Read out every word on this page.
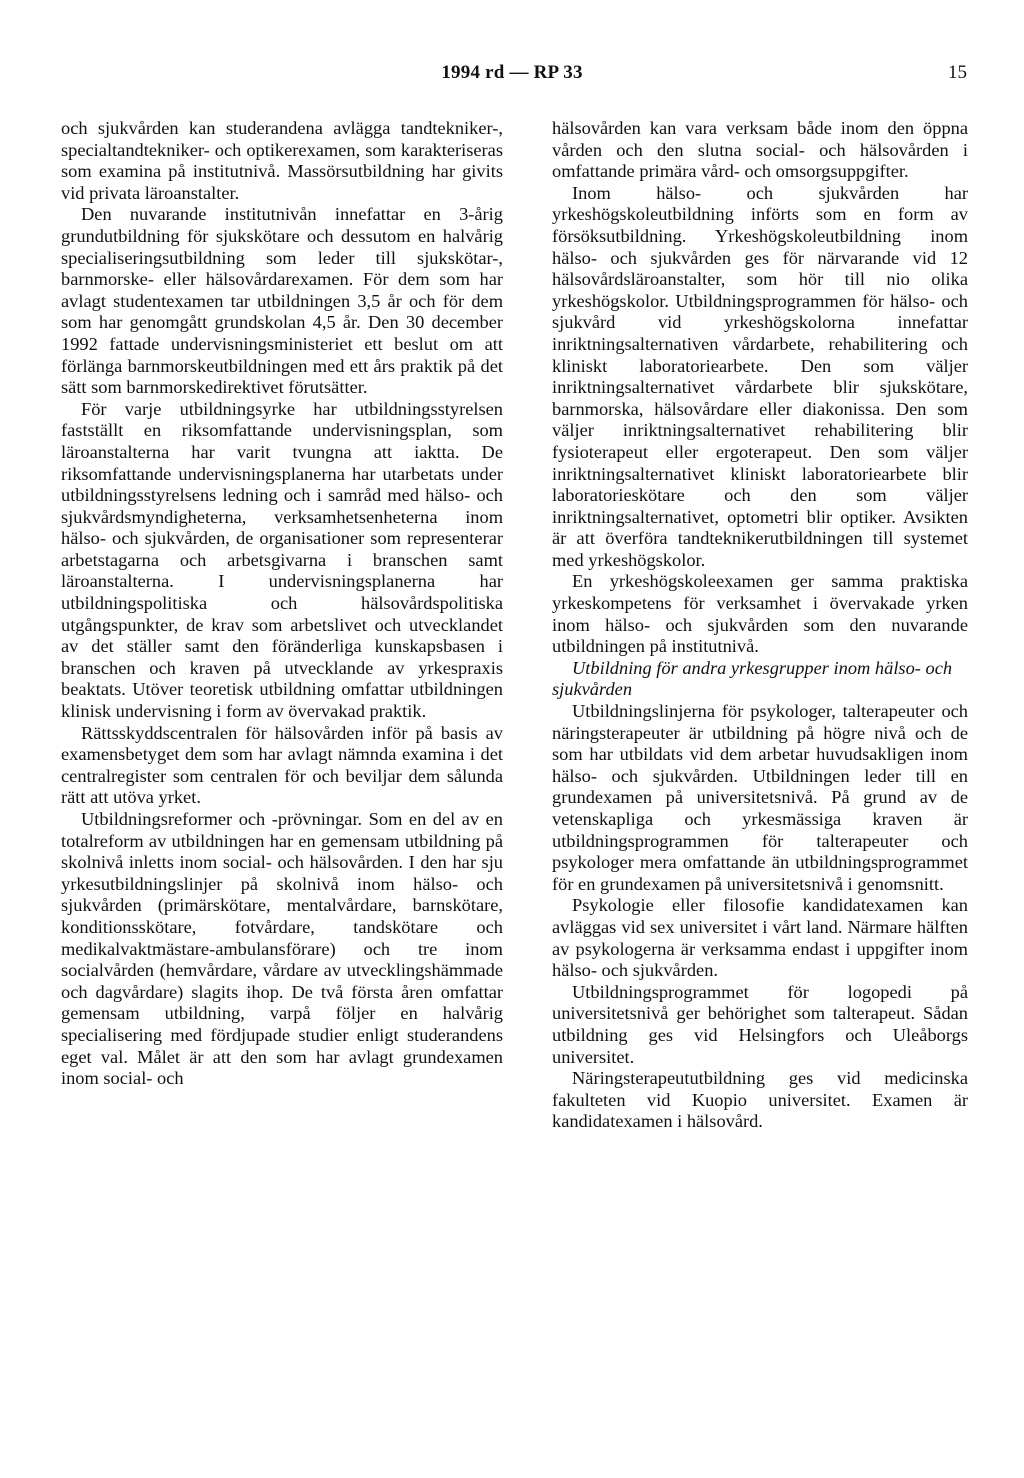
1994 rd — RP 33	15

och sjukvården kan studerandena avlägga tandtekniker-, specialtandtekniker- och optikerexamen, som karakteriseras som examina på institutnivå. Massörsutbildning har givits vid privata läroanstalter.

Den nuvarande institutnivån innefattar en 3-årig grundutbildning för sjukskötare och dessutom en halvårig specialiseringsutbildning som leder till sjukskötar-, barnmorske- eller hälsovårdarexamen. För dem som har avlagt studentexamen tar utbildningen 3,5 år och för dem som har genomgått grundskolan 4,5 år. Den 30 december 1992 fattade undervisningsministeriet ett beslut om att förlänga barnmorskeutbildningen med ett års praktik på det sätt som barnmorskedirektivet förutsätter.

För varje utbildningsyrke har utbildningsstyrelsen fastställt en riksomfattande undervisningsplan, som läroanstalterna har varit tvungna att iaktta. De riksomfattande undervisningsplanerna har utarbetats under utbildningsstyrelsens ledning och i samråd med hälso- och sjukvårdsmyndigheterna, verksamhetsenheterna inom hälso- och sjukvården, de organisationer som representerar arbetstagarna och arbetsgivarna i branschen samt läroanstalterna. I undervisningsplanerna har utbildningspolitiska och hälsovårdspolitiska utgångspunkter, de krav som arbetslivet och utvecklandet av det ställer samt den föränderliga kunskapsbasen i branschen och kraven på utvecklande av yrkespraxis beaktats. Utöver teoretisk utbildning omfattar utbildningen klinisk undervisning i form av övervakad praktik.

Rättsskyddscentralen för hälsovården inför på basis av examensbetyget dem som har avlagt nämnda examina i det centralregister som centralen för och beviljar dem sålunda rätt att utöva yrket.

Utbildningsreformer och -prövningar. Som en del av en totalreform av utbildningen har en gemensam utbildning på skolnivå inletts inom social- och hälsovården. I den har sju yrkesutbildningslinjer på skolnivå inom hälso- och sjukvården (primärskötare, mentalvårdare, barnskötare, konditionsskötare, fotvårdare, tandskötare och medikalvaktmästare-ambulansförare) och tre inom socialvården (hemvårdare, vårdare av utvecklingshämmade och dagvårdare) slagits ihop. De två första åren omfattar gemensam utbildning, varpå följer en halvårig specialisering med fördjupade studier enligt studerandens eget val. Målet är att den som har avlagt grundexamen inom social- och

hälsovården kan vara verksam både inom den öppna vården och den slutna social- och hälsovården i omfattande primära vård- och omsorgsuppgifter.

Inom hälso- och sjukvården har yrkeshögskoleutbildning införts som en form av försöksutbildning. Yrkeshögskoleutbildning inom hälso- och sjukvården ges för närvarande vid 12 hälsovårdsläroanstalter, som hör till nio olika yrkeshögskolor. Utbildningsprogrammen för hälso- och sjukvård vid yrkeshögskolorna innefattar inriktningsalternativen vårdarbete, rehabilitering och kliniskt laboratoriearbete. Den som väljer inriktningsalternativet vårdarbete blir sjukskötare, barnmorska, hälsovårdare eller diakonissa. Den som väljer inriktningsalternativet rehabilitering blir fysioterapeut eller ergoterapeut. Den som väljer inriktningsalternativet kliniskt laboratoriearbete blir laboratorieskötare och den som väljer inriktningsalternativet, optometri blir optiker. Avsikten är att överföra tandteknikerutbildningen till systemet med yrkeshögskolor.

En yrkeshögskoleexamen ger samma praktiska yrkeskompetens för verksamhet i övervakade yrken inom hälso- och sjukvården som den nuvarande utbildningen på institutnivå.

Utbildning för andra yrkesgrupper inom hälso- och sjukvården

Utbildningslinjerna för psykologer, talterapeuter och näringsterapeuter är utbildning på högre nivå och de som har utbildats vid dem arbetar huvudsakligen inom hälso- och sjukvården. Utbildningen leder till en grundexamen på universitetsnivå. På grund av de vetenskapliga och yrkesmässiga kraven är utbildningsprogrammen för talterapeuter och psykologer mera omfattande än utbildningsprogrammet för en grundexamen på universitetsnivå i genomsnitt.

Psykologie eller filosofie kandidatexamen kan avläggas vid sex universitet i vårt land. Närmare hälften av psykologerna är verksamma endast i uppgifter inom hälso- och sjukvården.

Utbildningsprogrammet för logopedi på universitetsnivå ger behörighet som talterapeut. Sådan utbildning ges vid Helsingfors och Uleåborgs universitet.

Näringsterapeututbildning ges vid medicinska fakulteten vid Kuopio universitet. Examen är kandidatexamen i hälsovård.
